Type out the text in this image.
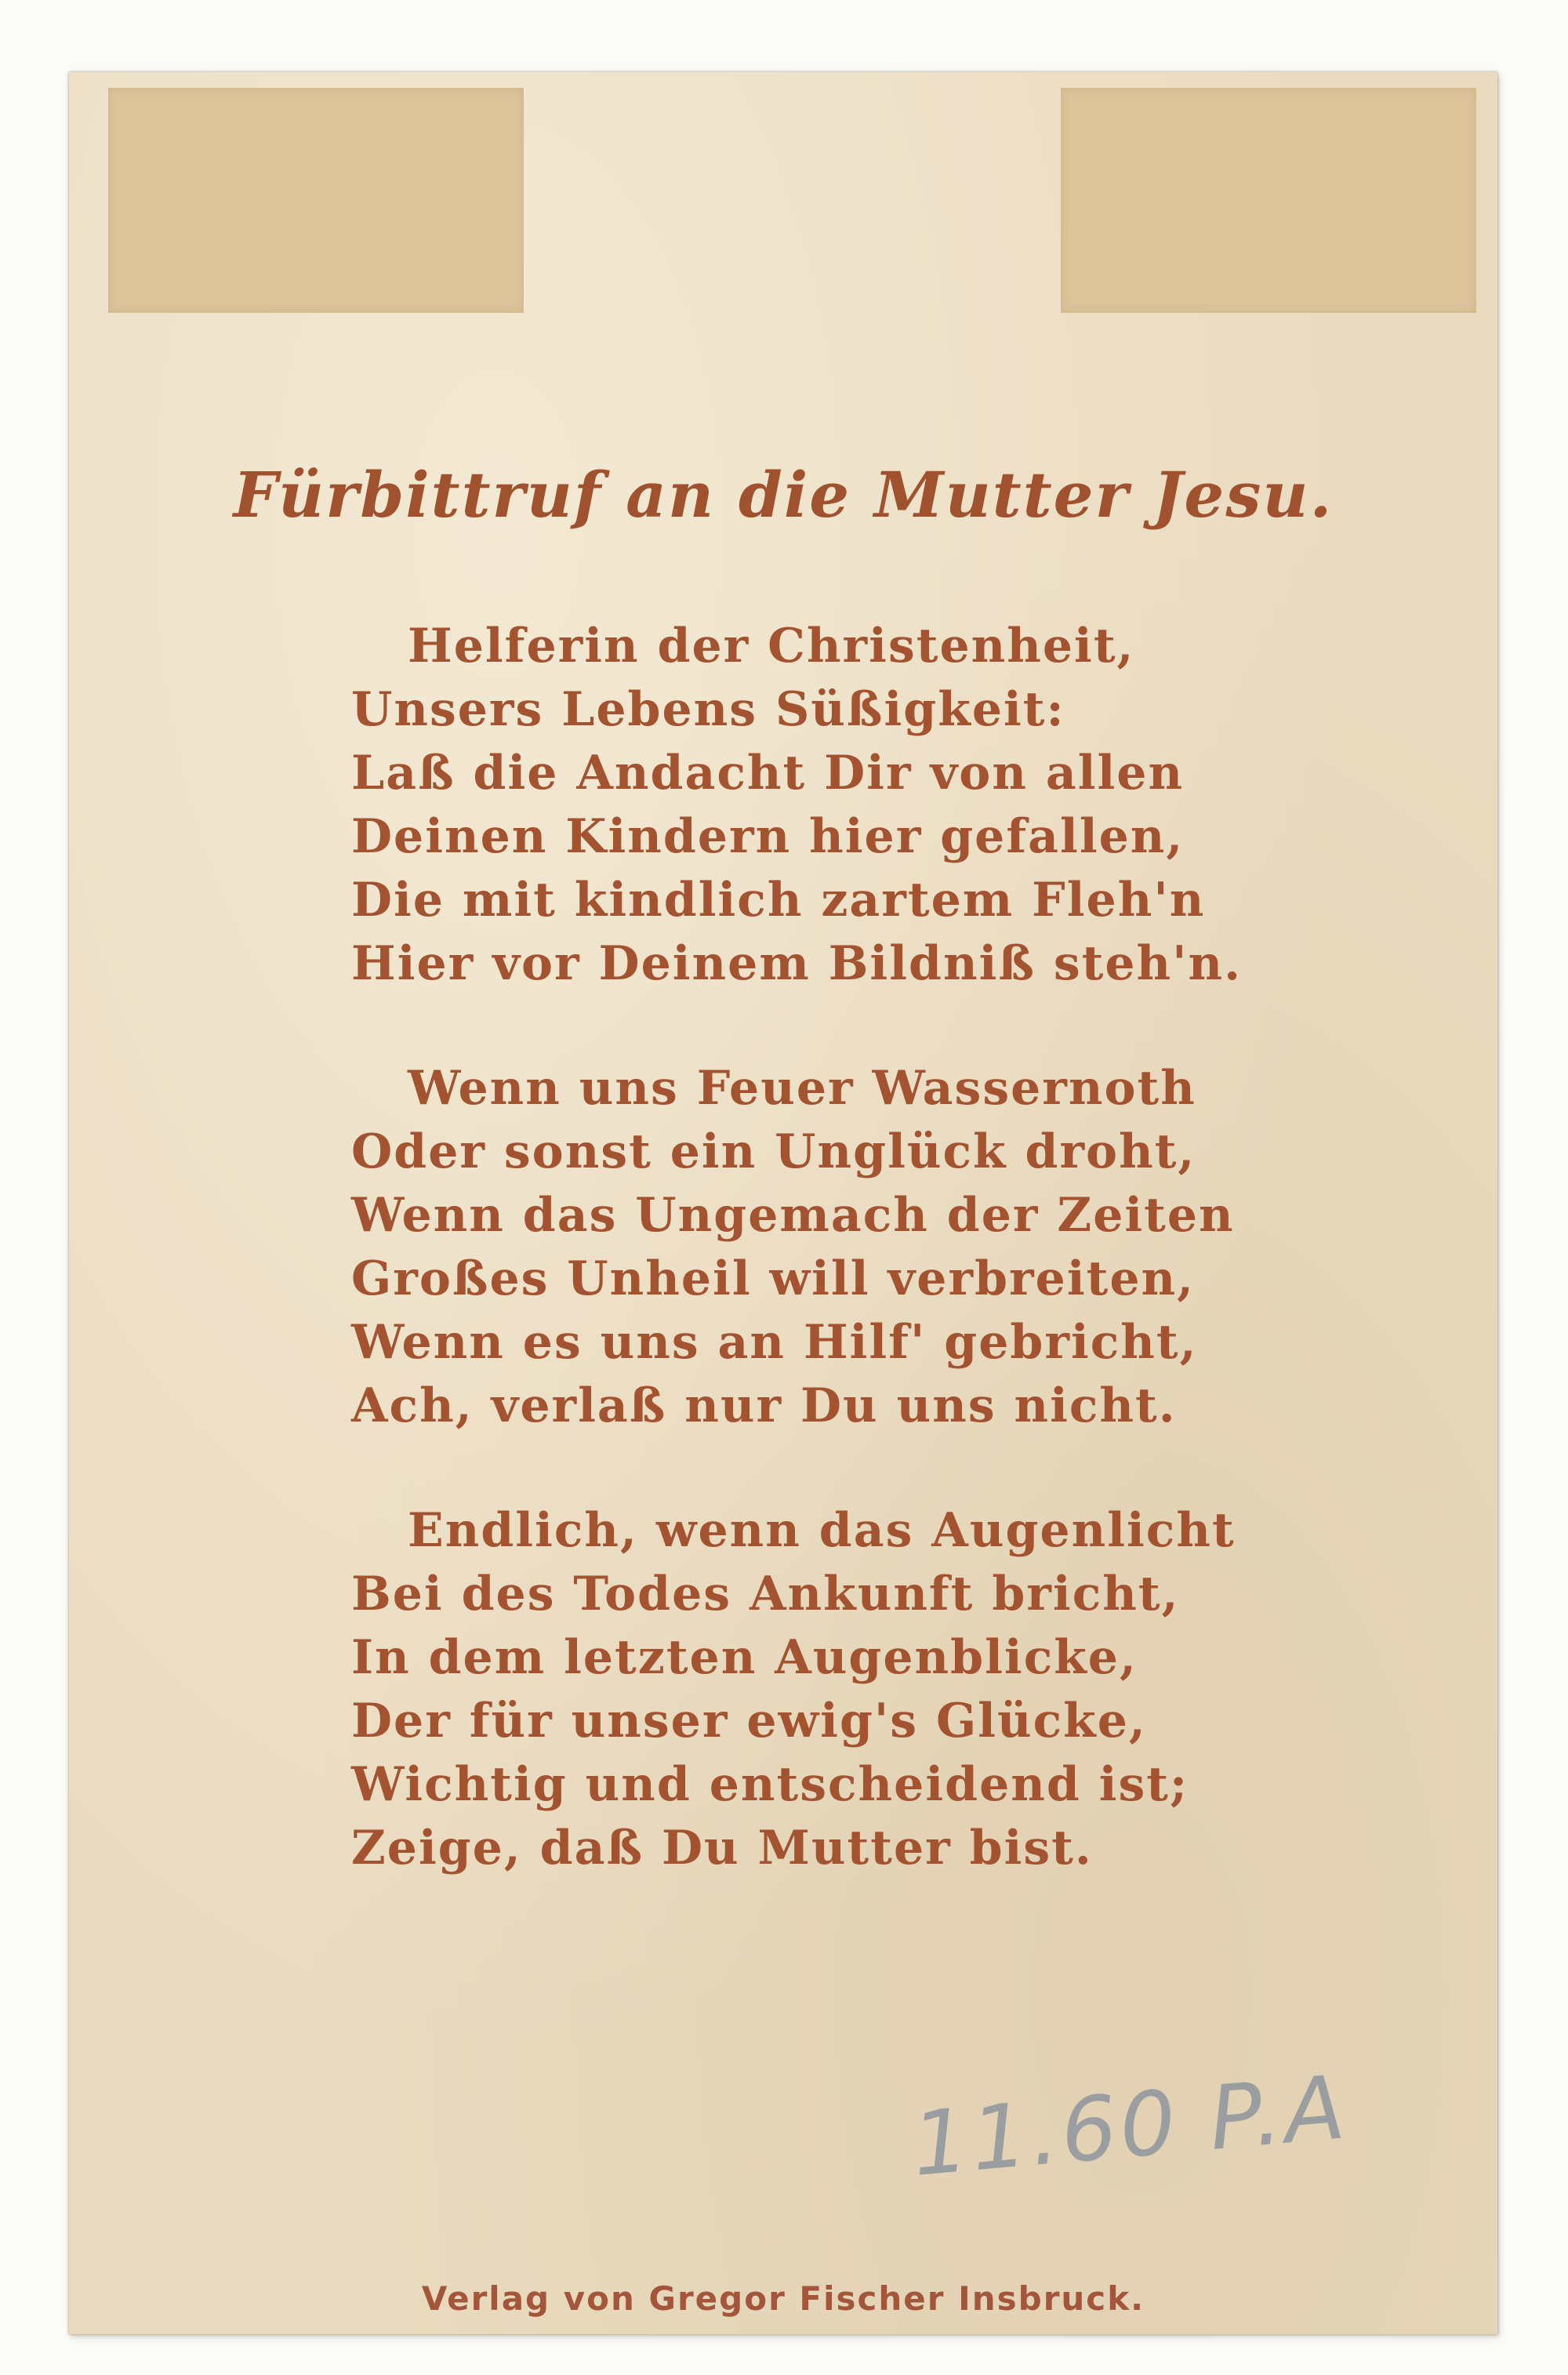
Fürbittruf an die Mutter Jesu.
Helferin der Christenheit,
Unsers Lebens Süßigkeit:
Laß die Andacht Dir von allen
Deinen Kindern hier gefallen,
Die mit kindlich zartem Fleh'n
Hier vor Deinem Bildniß steh'n.
Wenn uns Feuer Wassernoth
Oder sonst ein Unglück droht,
Wenn das Ungemach der Zeiten
Großes Unheil will verbreiten,
Wenn es uns an Hilf' gebricht,
Ach, verlaß nur Du uns nicht.
Endlich, wenn das Augenlicht
Bei des Todes Ankunft bricht,
In dem letzten Augenblicke,
Der für unser ewig's Glücke,
Wichtig und entscheidend ist;
Zeige, daß Du Mutter bist.
11.60 P.A
Verlag von Gregor Fischer Insbruck.
